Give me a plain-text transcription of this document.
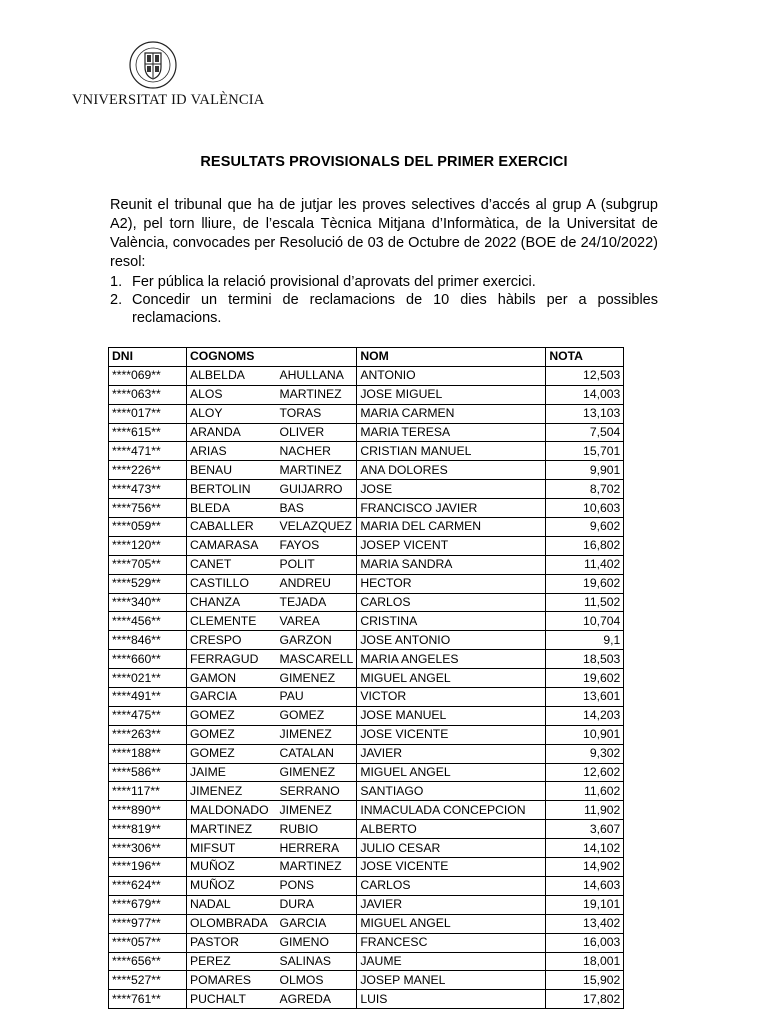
VNIVERSITAT ID VALÈNCIA
RESULTATS PROVISIONALS DEL PRIMER EXERCICI

Reunit el tribunal que ha de jutjar les proves selectives d’accés al grup A (subgrup A2), pel torn lliure, de l’escala Tècnica Mitjana d’Informàtica, de la Universitat de València, convocades per Resolució de 03 de Octubre de 2022 (BOE de 24/10/2022) resol:

1. Fer pública la relació provisional d’aprovats del primer exercici.
2. Concedir un termini de reclamacions de 10 dies hàbils per a possibles reclamacions.
DNI	COGNOMS		NOM	NOTA
****069**	ALBELDA	AHULLANA	ANTONIO	12,503
****063**	ALOS	MARTINEZ	JOSE MIGUEL	14,003
****017**	ALOY	TORAS	MARIA CARMEN	13,103
****615**	ARANDA	OLIVER	MARIA TERESA	7,504
****471**	ARIAS	NACHER	CRISTIAN MANUEL	15,701
****226**	BENAU	MARTINEZ	ANA DOLORES	9,901
****473**	BERTOLIN	GUIJARRO	JOSE	8,702
****756**	BLEDA	BAS	FRANCISCO JAVIER	10,603
****059**	CABALLER	VELAZQUEZ	MARIA DEL CARMEN	9,602
****120**	CAMARASA	FAYOS	JOSEP VICENT	16,802
****705**	CANET	POLIT	MARIA SANDRA	11,402
****529**	CASTILLO	ANDREU	HECTOR	19,602
****340**	CHANZA	TEJADA	CARLOS	11,502
****456**	CLEMENTE	VAREA	CRISTINA	10,704
****846**	CRESPO	GARZON	JOSE ANTONIO	9,1
****660**	FERRAGUD	MASCARELL	MARIA ANGELES	18,503
****021**	GAMON	GIMENEZ	MIGUEL ANGEL	19,602
****491**	GARCIA	PAU	VICTOR	13,601
****475**	GOMEZ	GOMEZ	JOSE MANUEL	14,203
****263**	GOMEZ	JIMENEZ	JOSE VICENTE	10,901
****188**	GOMEZ	CATALAN	JAVIER	9,302
****586**	JAIME	GIMENEZ	MIGUEL ANGEL	12,602
****117**	JIMENEZ	SERRANO	SANTIAGO	11,602
****890**	MALDONADO	JIMENEZ	INMACULADA CONCEPCION	11,902
****819**	MARTINEZ	RUBIO	ALBERTO	3,607
****306**	MIFSUT	HERRERA	JULIO CESAR	14,102
****196**	MUÑOZ	MARTINEZ	JOSE VICENTE	14,902
****624**	MUÑOZ	PONS	CARLOS	14,603
****679**	NADAL	DURA	JAVIER	19,101
****977**	OLOMBRADA	GARCIA	MIGUEL ANGEL	13,402
****057**	PASTOR	GIMENO	FRANCESC	16,003
****656**	PEREZ	SALINAS	JAUME	18,001
****527**	POMARES	OLMOS	JOSEP MANEL	15,902
****761**	PUCHALT	AGREDA	LUIS	17,802
